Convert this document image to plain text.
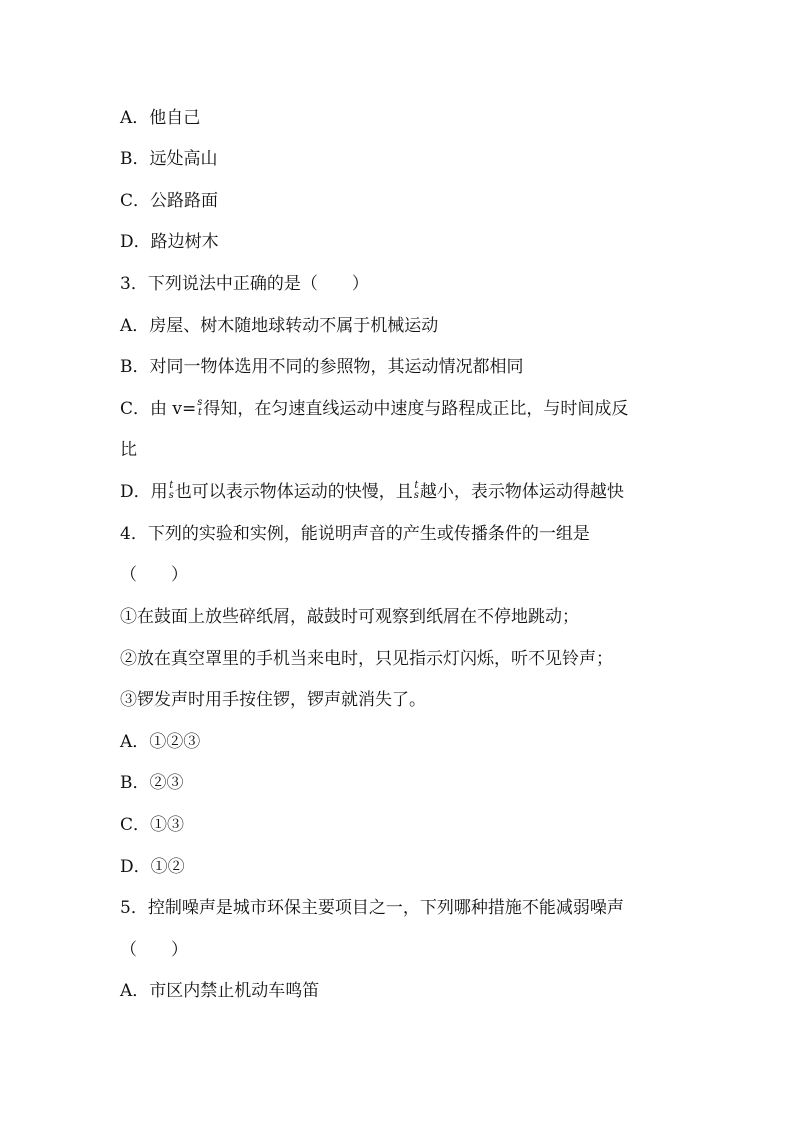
A．他自己
B．远处高山
C．公路路面
D．路边树木
3．下列说法中正确的是（　　）
A．房屋、树木随地球转动不属于机械运动
B．对同一物体选用不同的参照物，其运动情况都相同
C．由 v= s
t 得知，在匀速直线运动中速度与路程成正比，与时间成反
比
D．用 t
s 也可以表示物体运动的快慢，且 t
s 越小，表示物体运动得越快
4．下列的实验和实例，能说明声音的产生或传播条件的一组是
（　　）
①在鼓面上放些碎纸屑，敲鼓时可观察到纸屑在不停地跳动；
②放在真空罩里的手机当来电时，只见指示灯闪烁，听不见铃声；
③锣发声时用手按住锣，锣声就消失了。
A．①②③
B．②③
C．①③
D．①②
5．控制噪声是城市环保主要项目之一，下列哪种措施不能减弱噪声
（　　）
A．市区内禁止机动车鸣笛
